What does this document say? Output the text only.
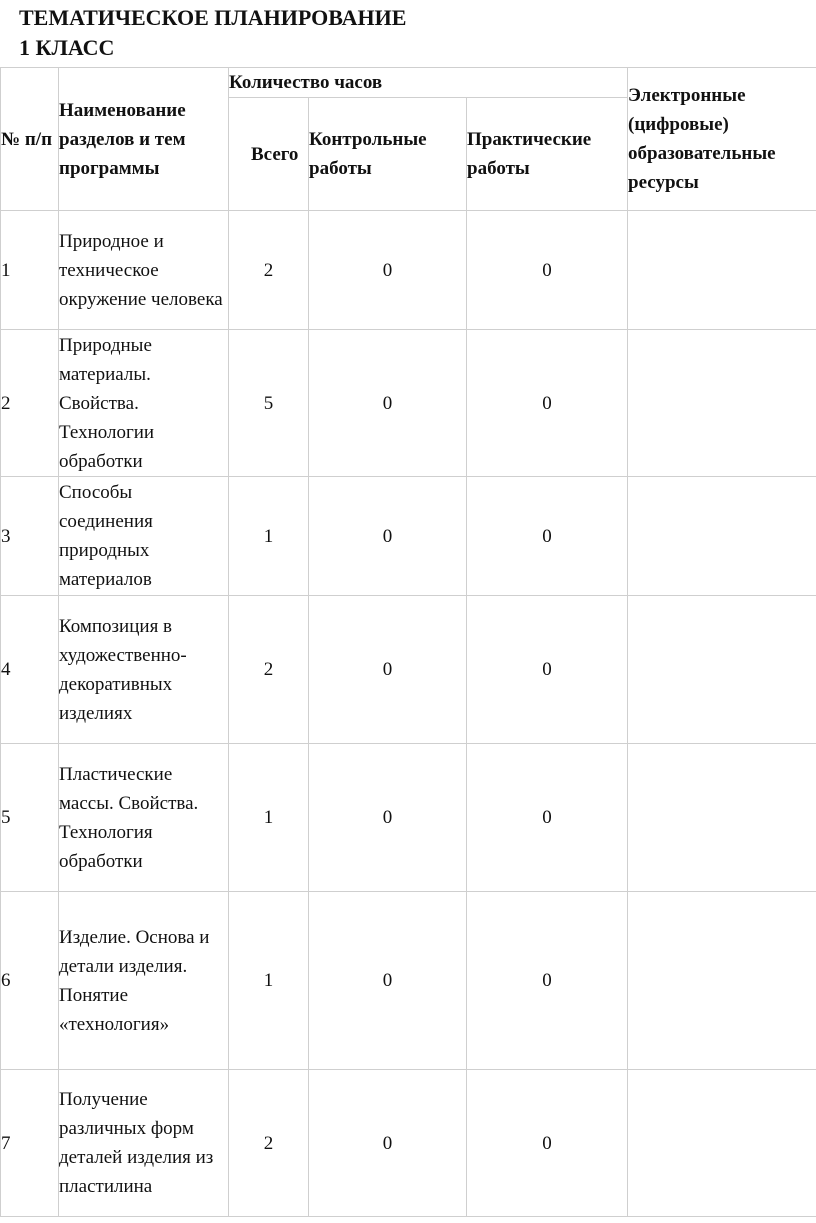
ТЕМАТИЧЕСКОЕ ПЛАНИРОВАНИЕ
1 КЛАСС
№ п/п	Наименование разделов и тем программы	Количество часов			Электронные (цифровые) образовательные ресурсы
		Всего	Контрольные работы	Практические работы	
1	Природное и техническое окружение человека	2	0	0	
2	Природные материалы. Свойства. Технологии обработки	5	0	0	
3	Способы соединения природных материалов	1	0	0	
4	Композиция в художественно-декоративных изделиях	2	0	0	
5	Пластические массы. Свойства. Технология обработки	1	0	0	
6	Изделие. Основа и детали изделия. Понятие «технология»	1	0	0	
7	Получение различных форм деталей изделия из пластилина	2	0	0	
